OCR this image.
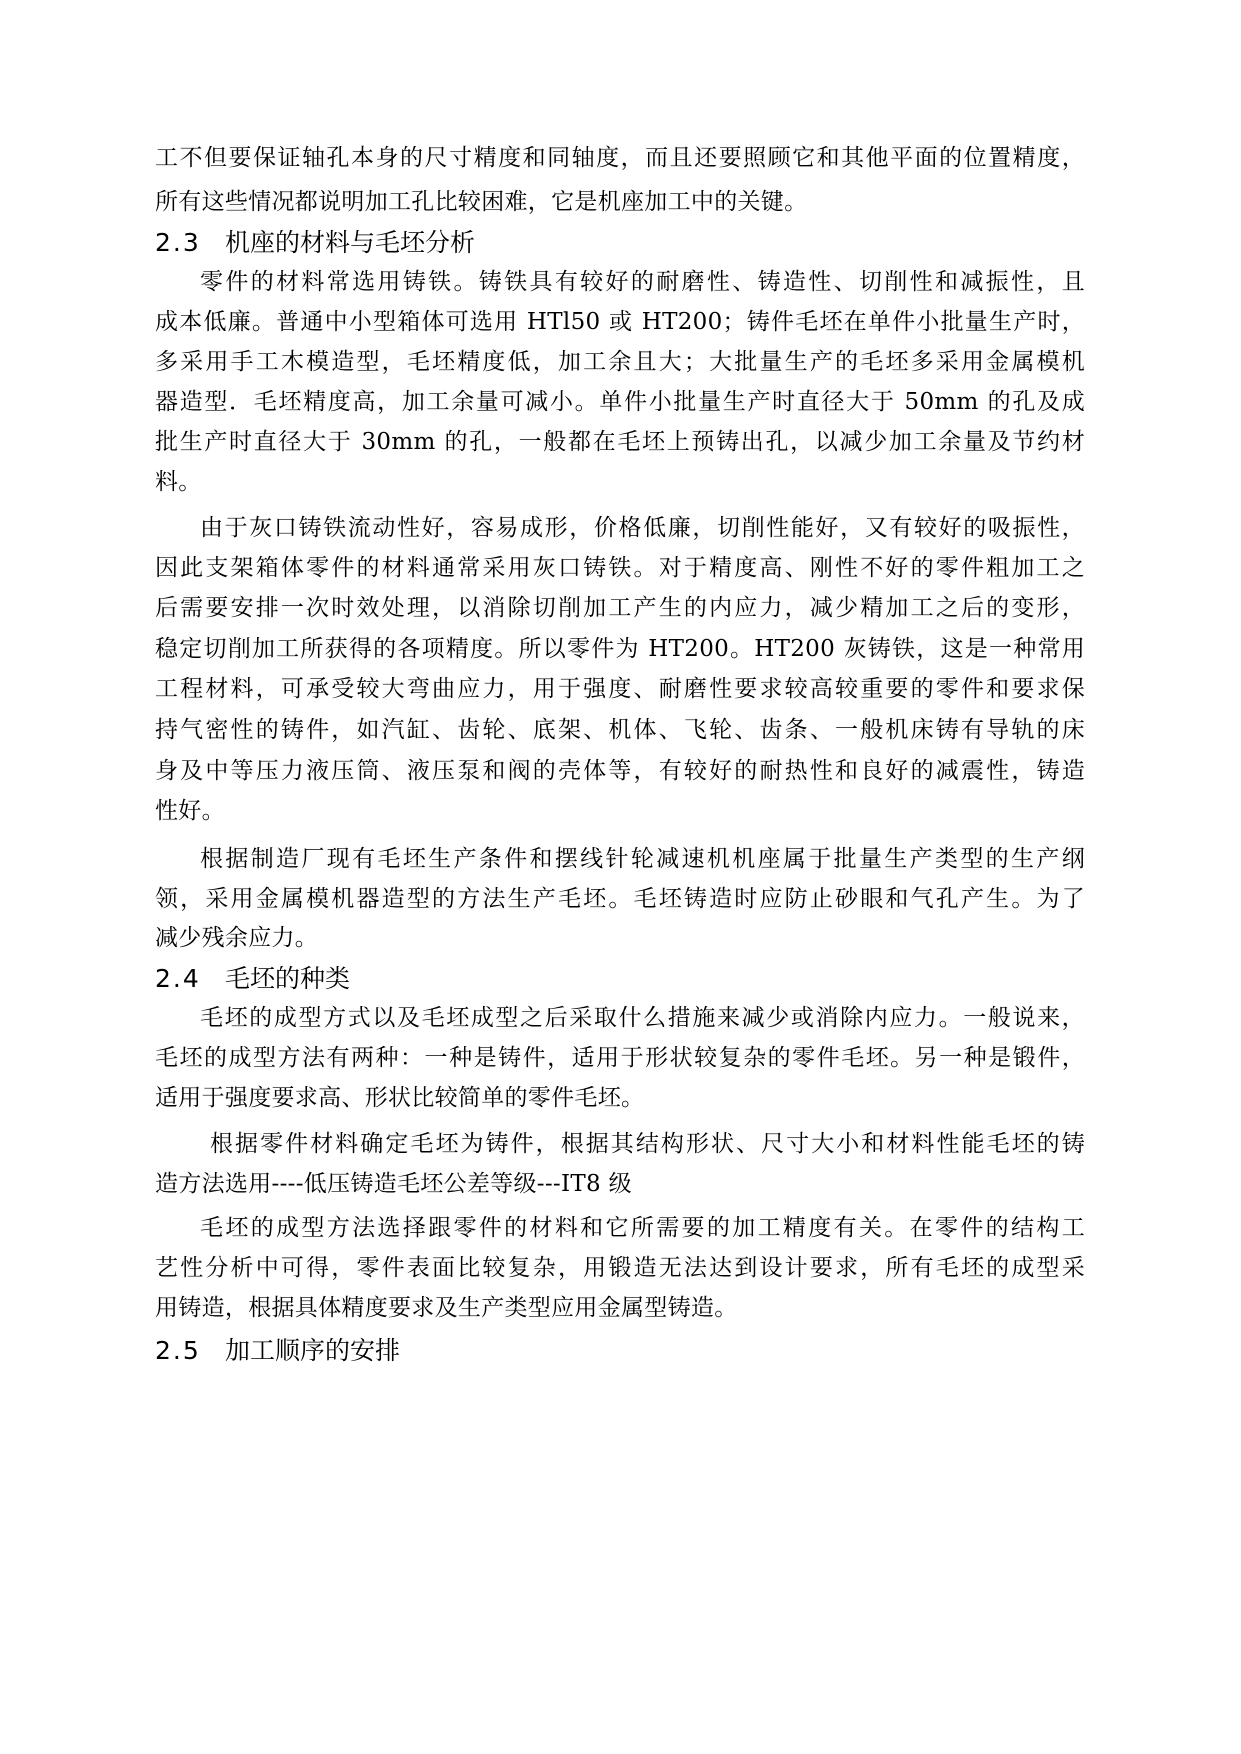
工不但要保证轴孔本身的尺寸精度和同轴度，而且还要照顾它和其他平面的位置精度，
所有这些情况都说明加工孔比较困难，它是机座加工中的关键。
2.3 机座的材料与毛坯分析
零件的材料常选用铸铁。铸铁具有较好的耐磨性、铸造性、切削性和减振性，且
成本低廉。普通中小型箱体可选用 HTl50 或 HT200；铸件毛坯在单件小批量生产时，
多采用手工木模造型，毛坯精度低，加工余且大；大批量生产的毛坯多采用金属模机
器造型．毛坯精度高，加工余量可减小。单件小批量生产时直径大于 50mm 的孔及成
批生产时直径大于 30mm 的孔，一般都在毛坯上预铸出孔，以减少加工余量及节约材
料。
由于灰口铸铁流动性好，容易成形，价格低廉，切削性能好，又有较好的吸振性，
因此支架箱体零件的材料通常采用灰口铸铁。对于精度高、刚性不好的零件粗加工之
后需要安排一次时效处理，以消除切削加工产生的内应力，减少精加工之后的变形，
稳定切削加工所获得的各项精度。所以零件为 HT200。HT200 灰铸铁，这是一种常用
工程材料，可承受较大弯曲应力，用于强度、耐磨性要求较高较重要的零件和要求保
持气密性的铸件，如汽缸、齿轮、底架、机体、飞轮、齿条、一般机床铸有导轨的床
身及中等压力液压筒、液压泵和阀的壳体等，有较好的耐热性和良好的减震性，铸造
性好。
根据制造厂现有毛坯生产条件和摆线针轮减速机机座属于批量生产类型的生产纲
领，采用金属模机器造型的方法生产毛坯。毛坯铸造时应防止砂眼和气孔产生。为了
减少残余应力。
2.4 毛坯的种类
毛坯的成型方式以及毛坯成型之后采取什么措施来减少或消除内应力。一般说来，
毛坯的成型方法有两种：一种是铸件，适用于形状较复杂的零件毛坯。另一种是锻件，
适用于强度要求高、形状比较简单的零件毛坯。
根据零件材料确定毛坯为铸件，根据其结构形状、尺寸大小和材料性能毛坯的铸
造方法选用----低压铸造毛坯公差等级---IT8 级
毛坯的成型方法选择跟零件的材料和它所需要的加工精度有关。在零件的结构工
艺性分析中可得，零件表面比较复杂，用锻造无法达到设计要求，所有毛坯的成型采
用铸造，根据具体精度要求及生产类型应用金属型铸造。
2.5 加工顺序的安排
